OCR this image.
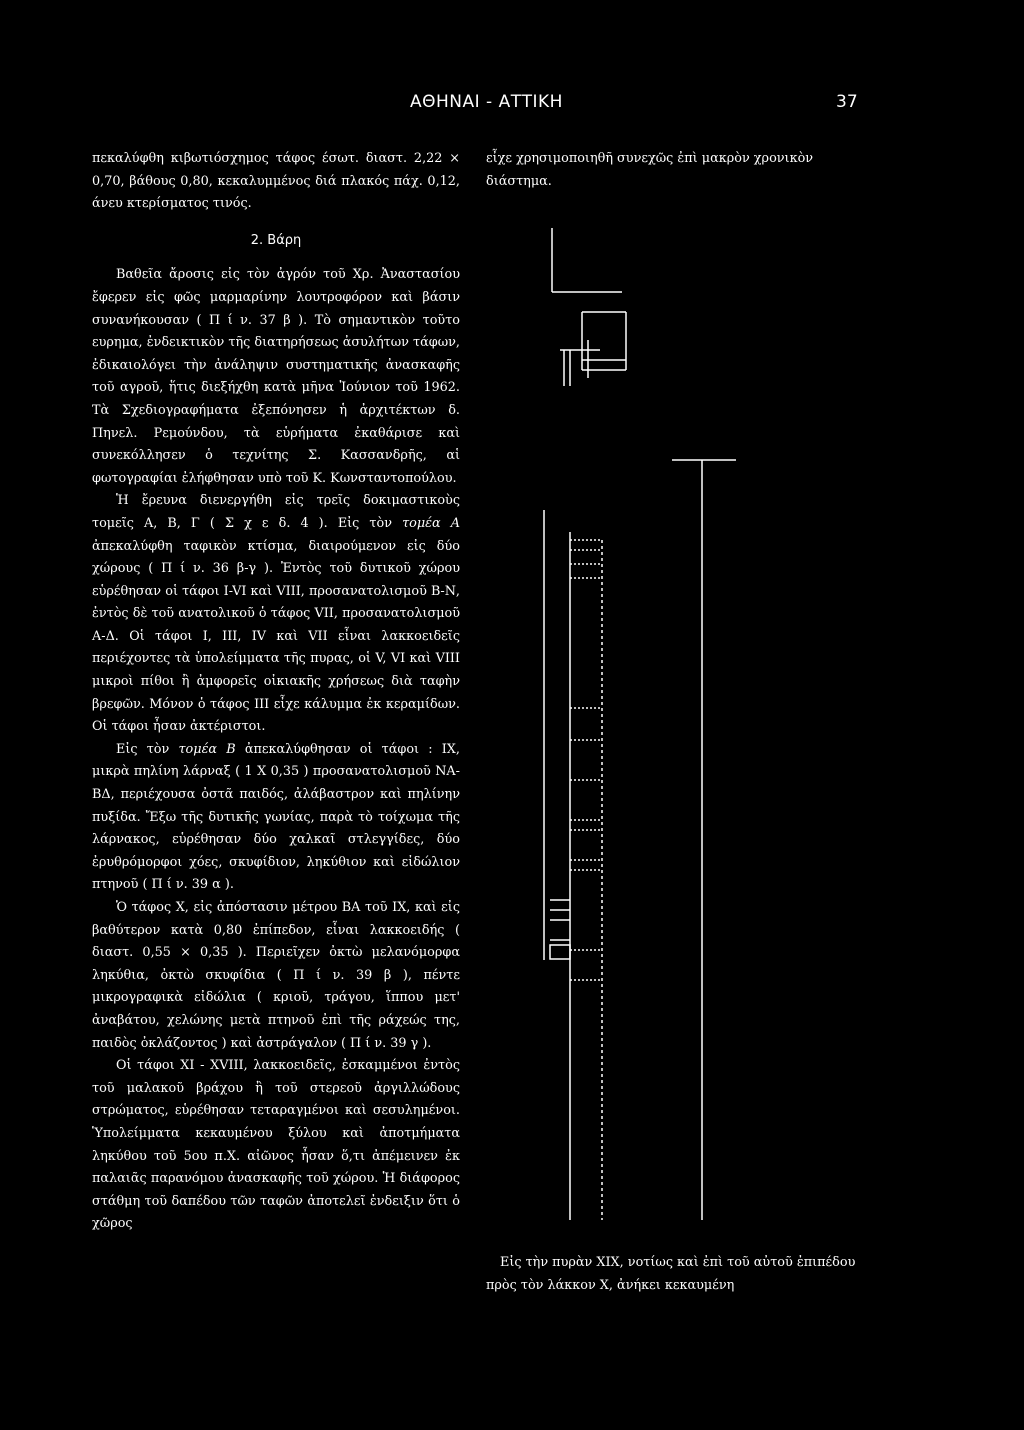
ΑΘΗΝΑΙ - ΑΤΤΙΚΗ	37

πεκαλύφθη κιβωτιόσχημος τάφος έσωτ. διαστ. 2,22 × 0,70, βάθους 0,80, κεκαλυμμένος διά πλακός πάχ. 0,12, άνευ κτερίσματος τινός.

2. Βάρη

Βαθεῖα ἄροσις εἰς τὸν ἀγρόν τοῦ Χρ. Ἀναστασίου ἔφερεν εἰς φῶς μαρμαρίνην λουτροφόρον καὶ βάσιν συνανήκουσαν ( Π ί ν. 37 β ). Τὸ σημαντικὸν τοῦτο ευρημα, ἐνδεικτικὸν τῆς διατηρήσεως ἀσυλήτων τάφων, ἐδικαιολόγει τὴν ἀνάληψιν συστηματικῆς ἀνασκαφῆς τοῦ αγροῦ, ἥτις διεξήχθη κατὰ μῆνα Ἰούνιον τοῦ 1962. Τὰ Σχεδιογραφήματα ἐξεπόνησεν ἡ ἀρχιτέκτων δ. Πηνελ. Ρεμούνδου, τὰ εὑρήματα ἐκαθάρισε καὶ συνεκόλλησεν ὁ τεχνίτης Σ. Κασσανδρῆς, αἱ φωτογραφίαι ἐλήφθησαν υπὸ τοῦ Κ. Κωνσταντοπούλου.

Ἡ ἔρευνα διενεργήθη εἰς τρεῖς δοκιμαστικοὺς τομεῖς Α, Β, Γ ( Σ χ ε δ. 4 ). Εἰς τὸν τομέα Α ἀπεκαλύφθη ταφικὸν κτίσμα, διαιρούμενον εἰς δύο χώρους ( Π ί ν. 36 β-γ ). Ἐντὸς τοῦ δυτικοῦ χώρου εὑρέθησαν οἱ τάφοι I-VI καὶ VIII, προσανατολισμοῦ Β-Ν, ἐντὸς δὲ τοῦ ανατολικοῦ ὁ τάφος VII, προσανατολισμοῦ Α-Δ. Οἱ τάφοι I, III, IV καὶ VII εἶναι λακκοειδεῖς περιέχοντες τὰ ὑπολείμματα τῆς πυρας, οἱ V, VI καὶ VIII μικροὶ πίθοι ἢ ἀμφορεῖς οἰκιακῆς χρήσεως διὰ ταφὴν βρεφῶν. Μόνον ὁ τάφος III εἶχε κάλυμμα ἐκ κεραμίδων. Οἱ τάφοι ἦσαν ἀκτέριστοι.

Εἰς τὸν τομέα Β ἀπεκαλύφθησαν οἱ τάφοι : IX, μικρὰ πηλίνη λάρναξ ( 1 X 0,35 ) προσανατολισμοῦ ΝΑ-ΒΔ, περιέχουσα ὀστᾶ παιδός, ἀλάβαστρον καὶ πηλίνην πυξίδα. Ἔξω τῆς δυτικῆς γωνίας, παρὰ τὸ τοίχωμα τῆς λάρνακος, εὑρέθησαν δύο χαλκαῖ στλεγγίδες, δύο ἐρυθρόμορφοι χόες, σκυφίδιον, ληκύθιον καὶ εἰδώλιον πτηνοῦ ( Π ί ν. 39 α ).

Ὁ τάφος Χ, εἰς ἀπόστασιν μέτρου ΒΑ τοῦ IX, καὶ εἰς βαθύτερον κατὰ 0,80 ἐπίπεδον, εἶναι λακκοειδής ( διαστ. 0,55 × 0,35 ). Περιεῖχεν ὀκτὼ μελανόμορφα ληκύθια, ὀκτὼ σκυφίδια ( Π ί ν. 39 β ), πέντε μικρογραφικὰ εἰδώλια ( κριοῦ, τράγου, ἵππου μετ' ἀναβάτου, χελώνης μετὰ πτηνοῦ ἐπὶ τῆς ράχεώς της, παιδὸς ὀκλάζοντος ) καὶ ἀστράγαλον ( Π ί ν. 39 γ ).

Οἱ τάφοι XI - XVIII, λακκοειδεῖς, ἐσκαμμένοι ἐντὸς τοῦ μαλακοῦ βράχου ἢ τοῦ στερεοῦ ἀργιλλώδους στρώματος, εὑρέθησαν τεταραγμένοι καὶ σεσυλημένοι. Ὑπολείμματα κεκαυμένου ξύλου καὶ ἀποτμήματα ληκύθου τοῦ 5ου π.Χ. αἰῶνος ἦσαν ὅ,τι ἀπέμεινεν ἐκ παλαιᾶς παρανόμου ἀνασκαφῆς τοῦ χώρου. Ἡ διάφορος στάθμη τοῦ δαπέδου τῶν ταφῶν ἀποτελεῖ ἐνδειξιν ὅτι ὁ χῶρος

εἶχε χρησιμοποιηθῆ συνεχῶς ἐπὶ μακρὸν χρονικὸν διάστημα.

Εἰς τὴν πυρὰν XIX, νοτίως καὶ ἐπὶ τοῦ αὐτοῦ ἐπιπέδου πρὸς τὸν λάκκον Χ, ἀνήκει κεκαυμένη
